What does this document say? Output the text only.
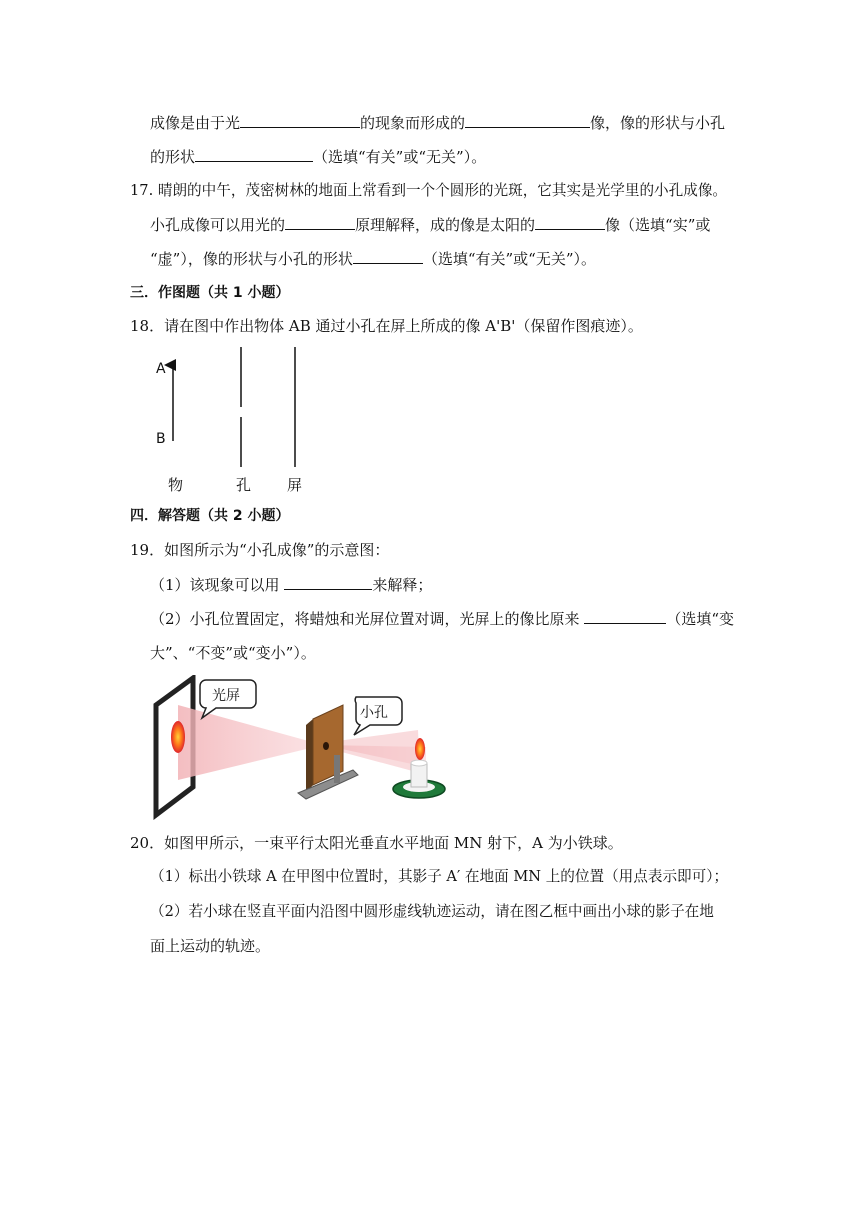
成像是由于光	的现象而形成的	像，像的形状与小孔
的形状	（选填“有关”或“无关”）。
17. 晴朗的中午，茂密树林的地面上常看到一个个圆形的光斑，它其实是光学里的小孔成像。
小孔成像可以用光的	原理解释，成的像是太阳的	像（选填“实”或
“虚”），像的形状与小孔的形状	（选填“有关”或“无关”）。
三．作图题（共 1 小题）
18．请在图中作出物体 AB 通过小孔在屏上所成的像 A'B'（保留作图痕迹）。
A
B
物	孔 屏
四．解答题（共 2 小题）
19．如图所示为“小孔成像”的示意图：
（1）该现象可以用	来解释；
（2）小孔位置固定，将蜡烛和光屏位置对调，光屏上的像比原来	（选填“变
大”、“不变”或“变小”）。
光屏
小孔
20．如图甲所示，一束平行太阳光垂直水平地面 MN 射下，A 为小铁球。
（1）标出小铁球 A 在甲图中位置时，其影子 A′ 在地面 MN 上的位置（用点表示即可）；
（2）若小球在竖直平面内沿图中圆形虚线轨迹运动，请在图乙框中画出小球的影子在地
面上运动的轨迹。
